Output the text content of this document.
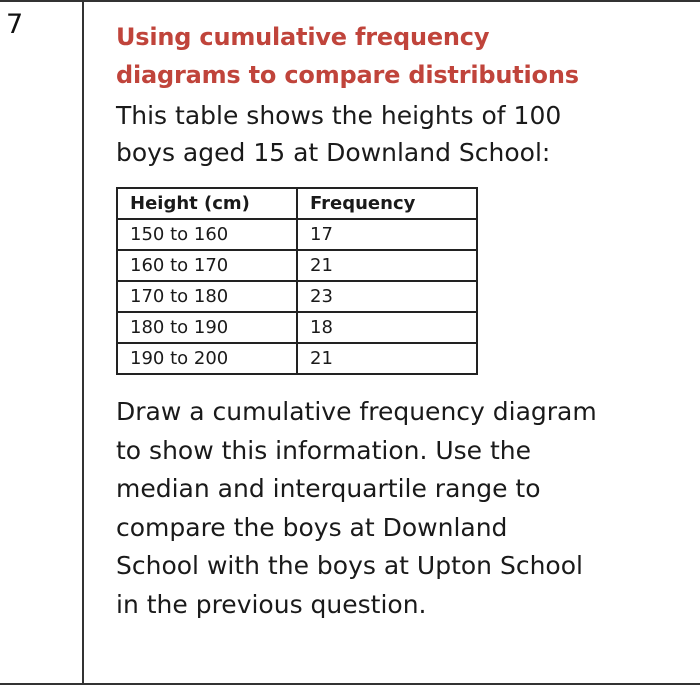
7	Using cumulative frequency
diagrams to compare distributions
This table shows the heights of 100
boys aged 15 at Downland School:
Height (cm)	Frequency
150 to 160	17
160 to 170	21
170 to 180	23
180 to 190	18
190 to 200	21
Draw a cumulative frequency diagram
to show this information. Use the
median and interquartile range to
compare the boys at Downland
School with the boys at Upton School
in the previous question.
